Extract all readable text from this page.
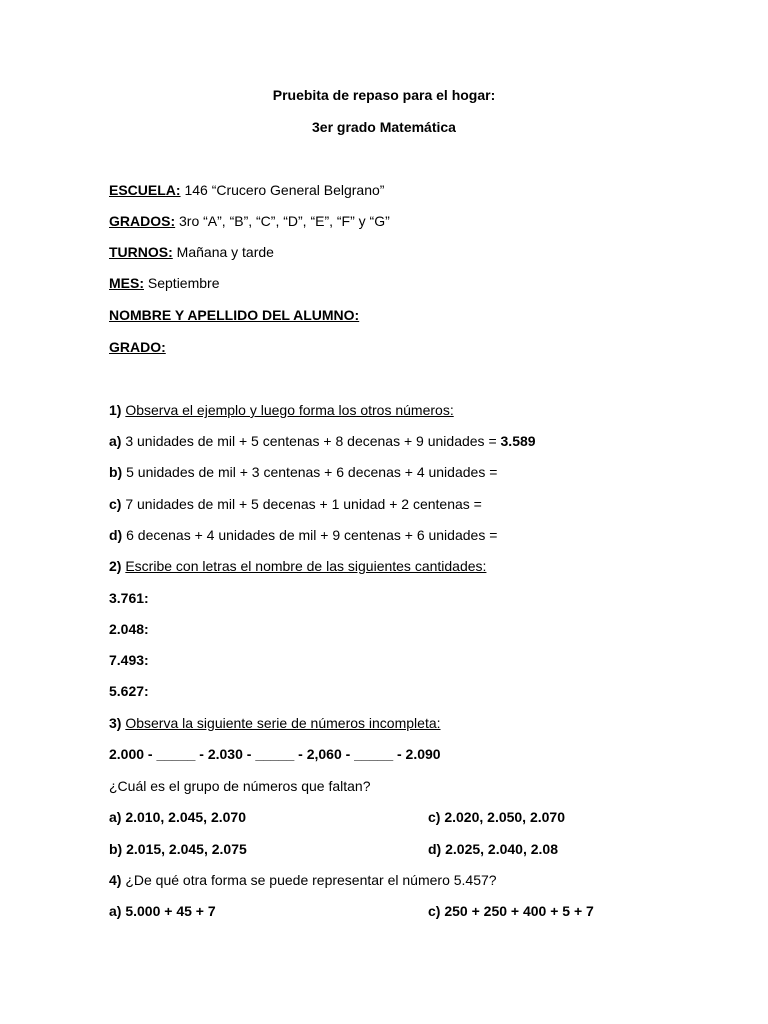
Pruebita de repaso para el hogar:
3er grado Matemática
ESCUELA: 146 “Crucero General Belgrano”
GRADOS: 3ro “A”, “B”, “C”, “D”, “E”, “F” y “G”
TURNOS: Mañana y tarde
MES: Septiembre
NOMBRE Y APELLIDO DEL ALUMNO:
GRADO:
1) Observa el ejemplo y luego forma los otros números:
a) 3 unidades de mil + 5 centenas + 8 decenas + 9 unidades = 3.589
b) 5 unidades de mil + 3 centenas + 6 decenas + 4 unidades =
c) 7 unidades de mil + 5 decenas + 1 unidad + 2 centenas =
d) 6 decenas + 4 unidades de mil + 9 centenas + 6 unidades =
2) Escribe con letras el nombre de las siguientes cantidades:
3.761:
2.048:
7.493:
5.627:
3) Observa la siguiente serie de números incompleta:
2.000 - _____ - 2.030 - _____ - 2,060 - _____ - 2.090
¿Cuál es el grupo de números que faltan?
a) 2.010, 2.045, 2.070	c) 2.020, 2.050, 2.070
b) 2.015, 2.045, 2.075	d) 2.025, 2.040, 2.08
4) ¿De qué otra forma se puede representar el número 5.457?
a) 5.000 + 45 + 7	c) 250 + 250 + 400 + 5 + 7
